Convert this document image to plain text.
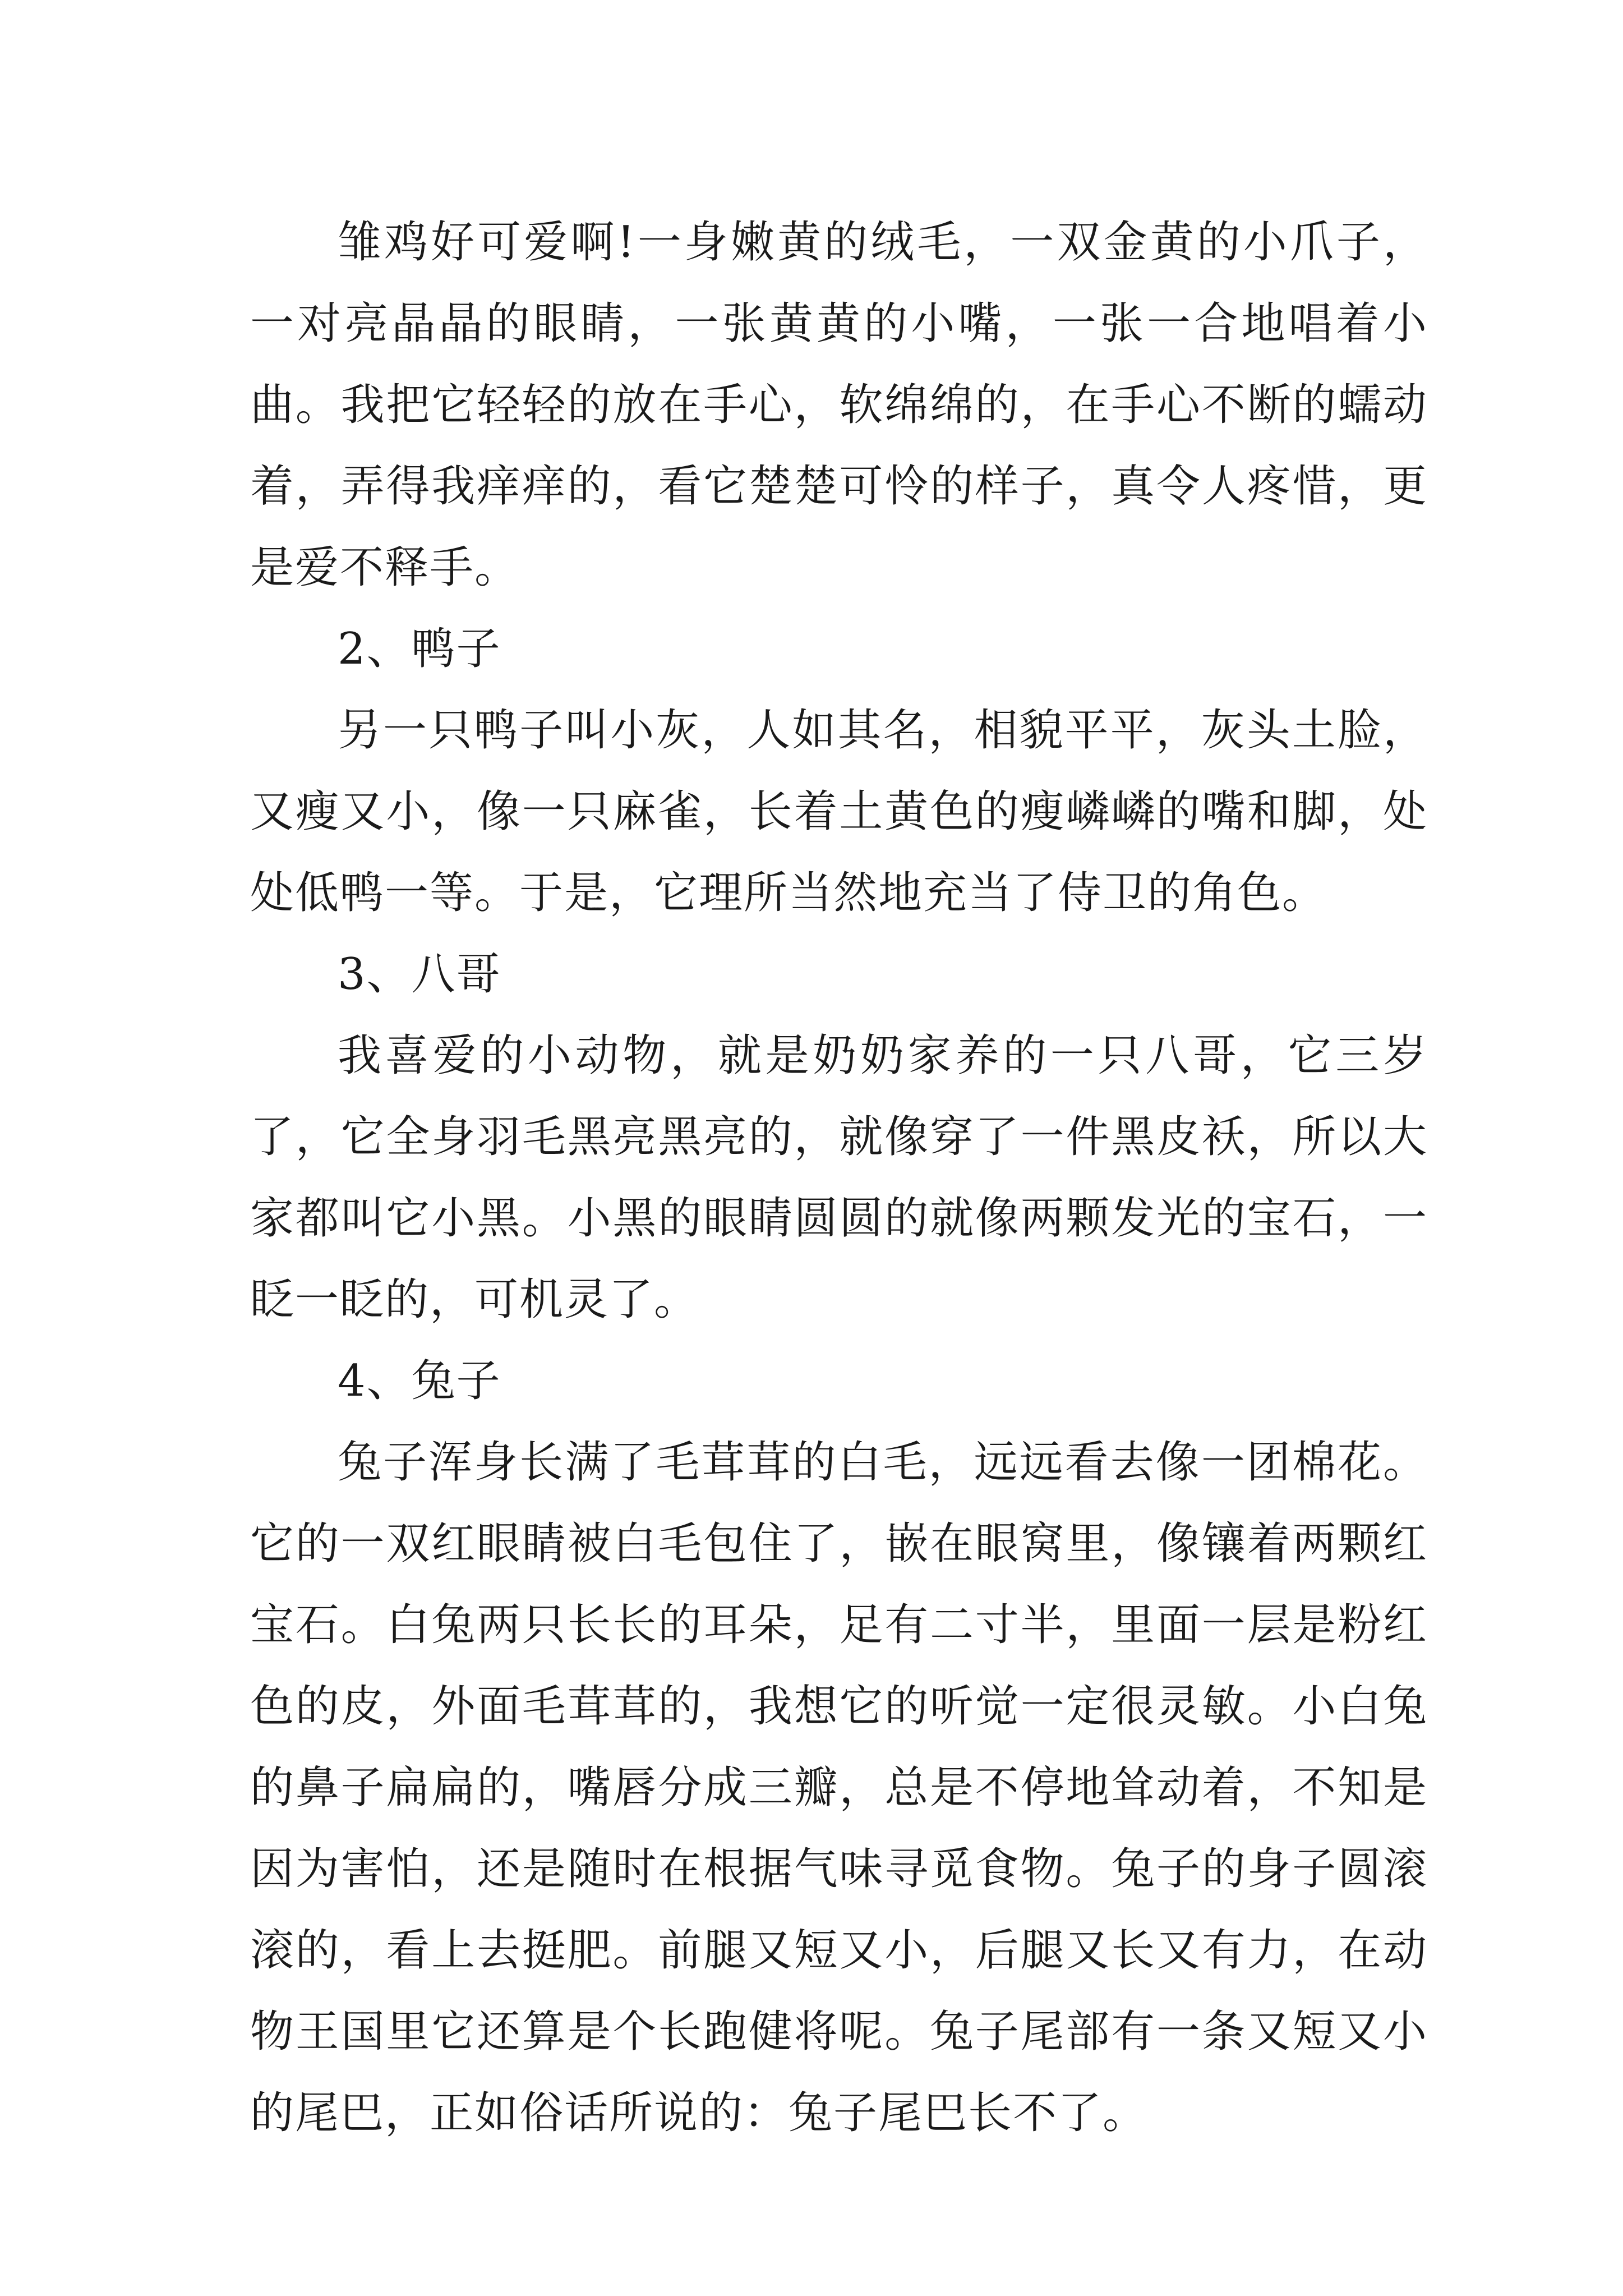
雏鸡好可爱啊!一身嫩黄的绒毛，一双金黄的小爪子，一对亮晶晶的眼睛，一张黄黄的小嘴，一张一合地唱着小曲。我把它轻轻的放在手心，软绵绵的，在手心不断的蠕动着，弄得我痒痒的，看它楚楚可怜的样子，真令人疼惜，更是爱不释手。

2、鸭子

另一只鸭子叫小灰，人如其名，相貌平平，灰头土脸，又瘦又小，像一只麻雀，长着土黄色的瘦嶙嶙的嘴和脚，处处低鸭一等。于是，它理所当然地充当了侍卫的角色。

3、八哥

我喜爱的小动物，就是奶奶家养的一只八哥，它三岁了，它全身羽毛黑亮黑亮的，就像穿了一件黑皮袄，所以大家都叫它小黑。小黑的眼睛圆圆的就像两颗发光的宝石，一眨一眨的，可机灵了。

4、兔子

兔子浑身长满了毛茸茸的白毛，远远看去像一团棉花。它的一双红眼睛被白毛包住了，嵌在眼窝里，像镶着两颗红宝石。白兔两只长长的耳朵，足有二寸半，里面一层是粉红色的皮，外面毛茸茸的，我想它的听觉一定很灵敏。小白兔的鼻子扁扁的，嘴唇分成三瓣，总是不停地耸动着，不知是因为害怕，还是随时在根据气味寻觅食物。兔子的身子圆滚滚的，看上去挺肥。前腿又短又小，后腿又长又有力，在动物王国里它还算是个长跑健将呢。兔子尾部有一条又短又小的尾巴，正如俗话所说的：兔子尾巴长不了。
